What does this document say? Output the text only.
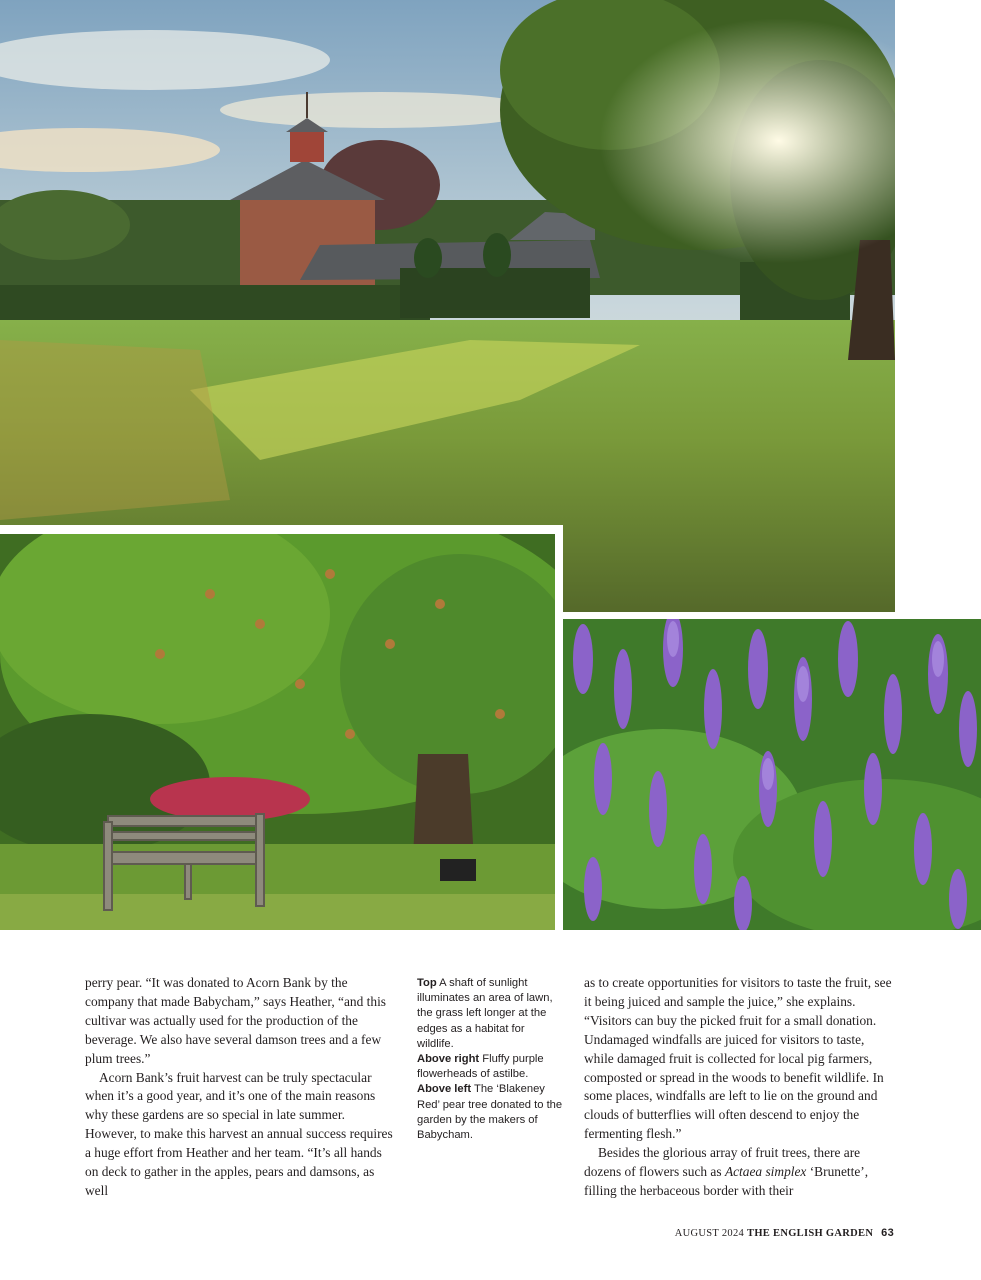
perry pear. “It was donated to Acorn Bank by the company that made Babycham,” says Heather, “and this cultivar was actually used for the production of the beverage. We also have several damson trees and a few plum trees.”

Acorn Bank’s fruit harvest can be truly spectacular when it’s a good year, and it’s one of the main reasons why these gardens are so special in late summer. However, to make this harvest an annual success requires a huge effort from Heather and her team. “It’s all hands on deck to gather in the apples, pears and damsons, as well

Top A shaft of sunlight illuminates an area of lawn, the grass left longer at the edges as a habitat for wildlife.

Above right Fluffy purple flowerheads of astilbe.

Above left The ‘Blakeney Red’ pear tree donated to the garden by the makers of Babycham.

as to create opportunities for visitors to taste the fruit, see it being juiced and sample the juice,” she explains. “Visitors can buy the picked fruit for a small donation. Undamaged windfalls are juiced for visitors to taste, while damaged fruit is collected for local pig farmers, composted or spread in the woods to benefit wildlife. In some places, windfalls are left to lie on the ground and clouds of butterflies will often descend to enjoy the fermenting flesh.”

Besides the glorious array of fruit trees, there are dozens of flowers such as Actaea simplex ‘Brunette’, filling the herbaceous border with their

AUGUST 2024 THE ENGLISH GARDEN 63
